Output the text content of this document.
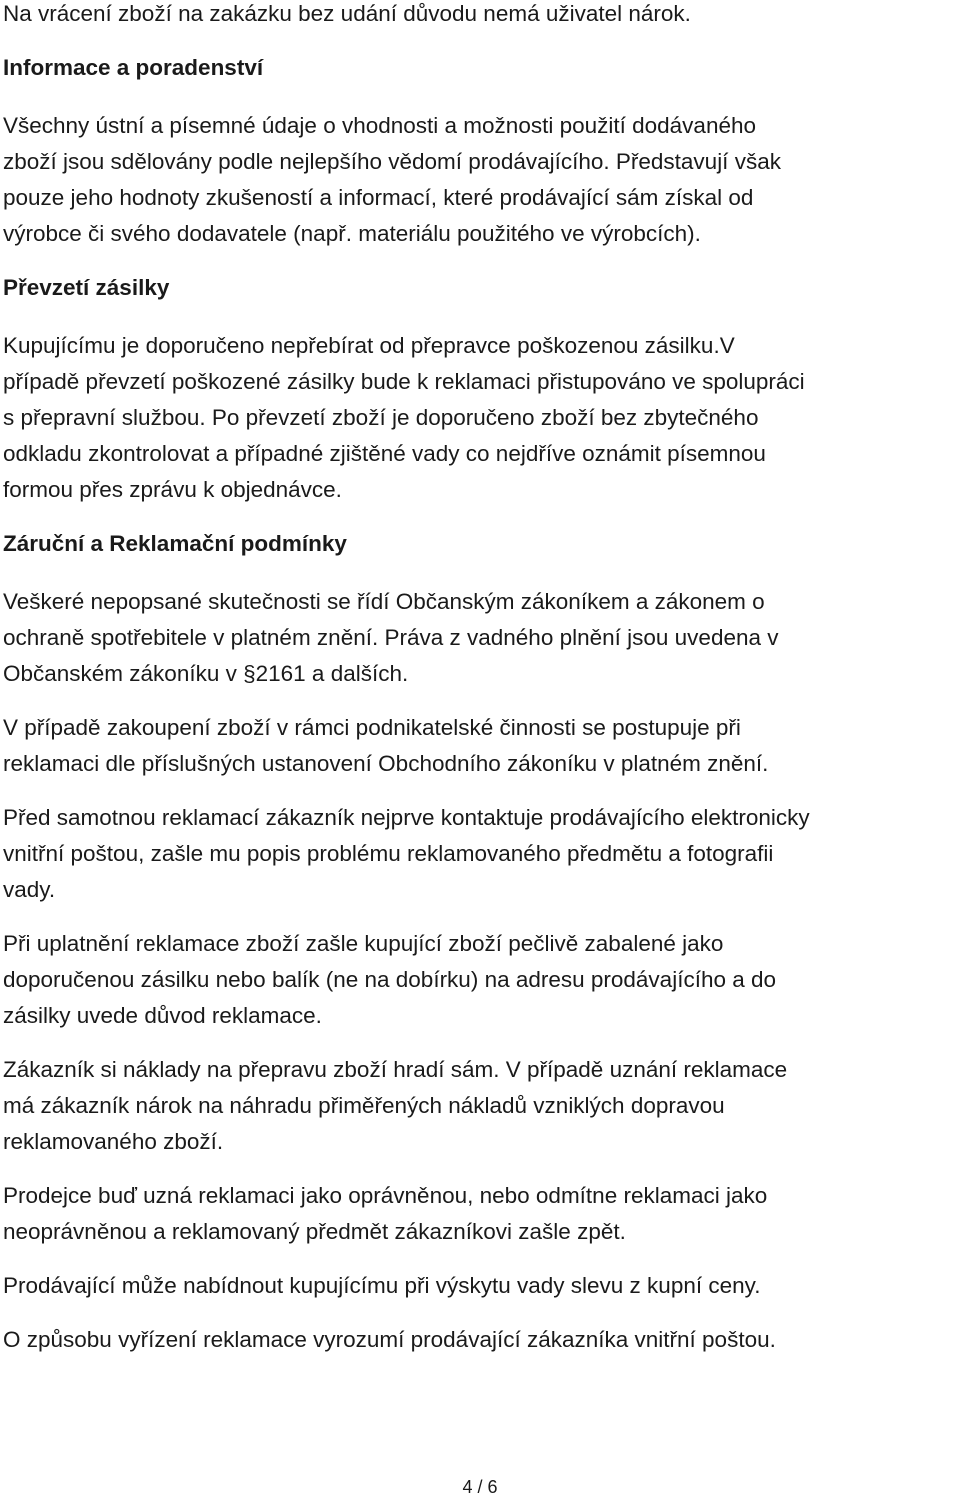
Na vrácení zboží na zakázku bez udání důvodu nemá uživatel nárok.

Informace a poradenství

Všechny ústní a písemné údaje o vhodnosti a možnosti použití dodávaného
zboží jsou sdělovány podle nejlepšího vědomí prodávajícího. Představují však
pouze jeho hodnoty zkušeností a informací, které prodávající sám získal od
výrobce či svého dodavatele (např. materiálu použitého ve výrobcích).

Převzetí zásilky

Kupujícímu je doporučeno nepřebírat od přepravce poškozenou zásilku.V
případě převzetí poškozené zásilky bude k reklamaci přistupováno ve spolupráci
s přepravní službou. Po převzetí zboží je doporučeno zboží bez zbytečného
odkladu zkontrolovat a případné zjištěné vady co nejdříve oznámit písemnou
formou přes zprávu k objednávce.

Záruční a Reklamační podmínky

Veškeré nepopsané skutečnosti se řídí Občanským zákoníkem a zákonem o
ochraně spotřebitele v platném znění. Práva z vadného plnění jsou uvedena v
Občanském zákoníku v §2161 a dalších.

V případě zakoupení zboží v rámci podnikatelské činnosti se postupuje při
reklamaci dle příslušných ustanovení Obchodního zákoníku v platném znění.

Před samotnou reklamací zákazník nejprve kontaktuje prodávajícího elektronicky
vnitřní poštou, zašle mu popis problému reklamovaného předmětu a fotografii
vady.

Při uplatnění reklamace zboží zašle kupující zboží pečlivě zabalené jako
doporučenou zásilku nebo balík (ne na dobírku) na adresu prodávajícího a do
zásilky uvede důvod reklamace.

Zákazník si náklady na přepravu zboží hradí sám. V případě uznání reklamace
má zákazník nárok na náhradu přiměřených nákladů vzniklých dopravou
reklamovaného zboží.

Prodejce buď uzná reklamaci jako oprávněnou, nebo odmítne reklamaci jako
neoprávněnou a reklamovaný předmět zákazníkovi zašle zpět.

Prodávající může nabídnout kupujícímu při výskytu vady slevu z kupní ceny.

O způsobu vyřízení reklamace vyrozumí prodávající zákazníka vnitřní poštou.

4 / 6
